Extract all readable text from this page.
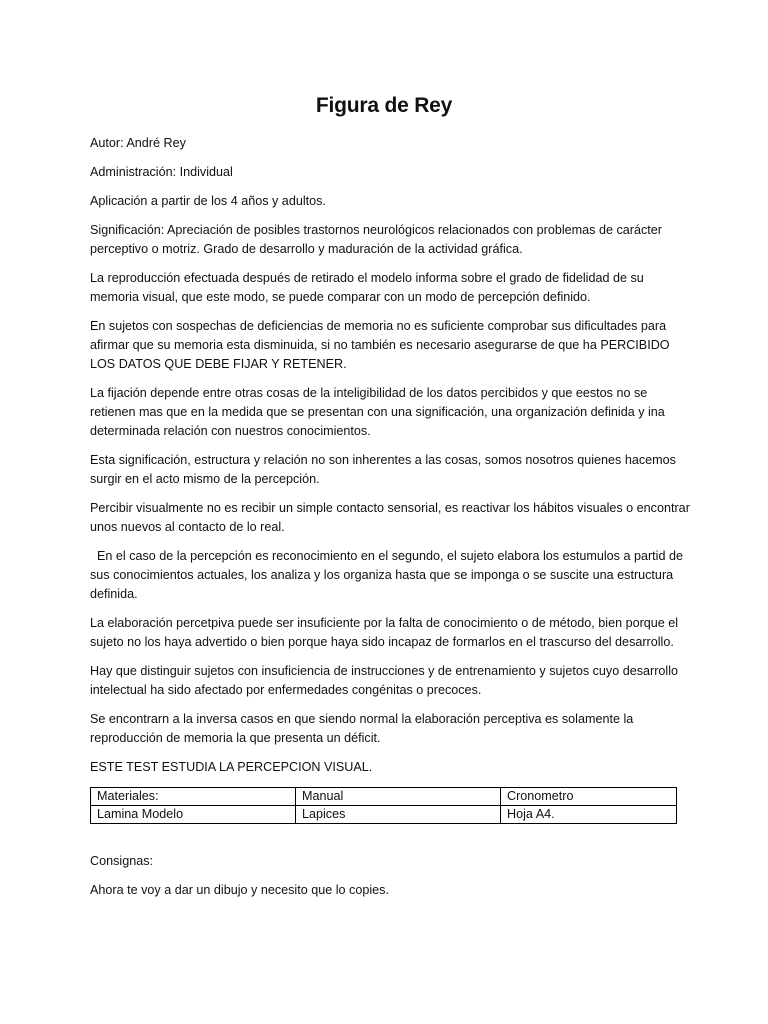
Figura de Rey

Autor: André Rey

Administración: Individual

Aplicación a partir de los 4 años y adultos.

Significación: Apreciación de posibles trastornos neurológicos relacionados con problemas de carácter perceptivo o motriz. Grado de desarrollo y maduración de la actividad gráfica.

La reproducción efectuada después de retirado el modelo informa sobre el grado de fidelidad de su memoria visual, que este modo, se puede comparar con un modo de percepción definido.

En sujetos con sospechas de deficiencias de memoria no es suficiente comprobar sus dificultades para afirmar que su memoria esta disminuida, si no también es necesario asegurarse de que ha PERCIBIDO LOS DATOS QUE DEBE FIJAR Y RETENER.

La fijación depende entre otras cosas de la inteligibilidad de los datos percibidos y que eestos no se retienen mas que en la medida que se presentan con una significación, una organización definida y ina determinada relación con nuestros conocimientos.

Esta significación, estructura y relación no son inherentes a las cosas, somos nosotros quienes hacemos surgir en el acto mismo de la percepción.

Percibir visualmente no es recibir un simple contacto sensorial, es reactivar los hábitos visuales o encontrar unos nuevos al contacto de lo real.

En el caso de la percepción es reconocimiento en el segundo, el sujeto elabora los estumulos a partid de sus conocimientos actuales, los analiza y los organiza hasta que se imponga o se suscite una estructura definida.

La elaboración percetpiva puede ser insuficiente por la falta de conocimiento o de método, bien porque el sujeto no los haya advertido o bien porque haya sido incapaz de formarlos en el trascurso del desarrollo.

Hay que distinguir sujetos con insuficiencia de instrucciones y de entrenamiento y sujetos cuyo desarrollo intelectual ha sido afectado por enfermedades congénitas o precoces.

Se encontrarn a la inversa casos en que siendo normal la elaboración perceptiva es solamente la reproducción de memoria la que presenta un déficit.

ESTE TEST ESTUDIA LA PERCEPCION VISUAL.

Materiales:	Manual	Cronometro
Lamina Modelo	Lapices	Hoja A4.

Consignas:

Ahora te voy a dar un dibujo y necesito que lo copies.
